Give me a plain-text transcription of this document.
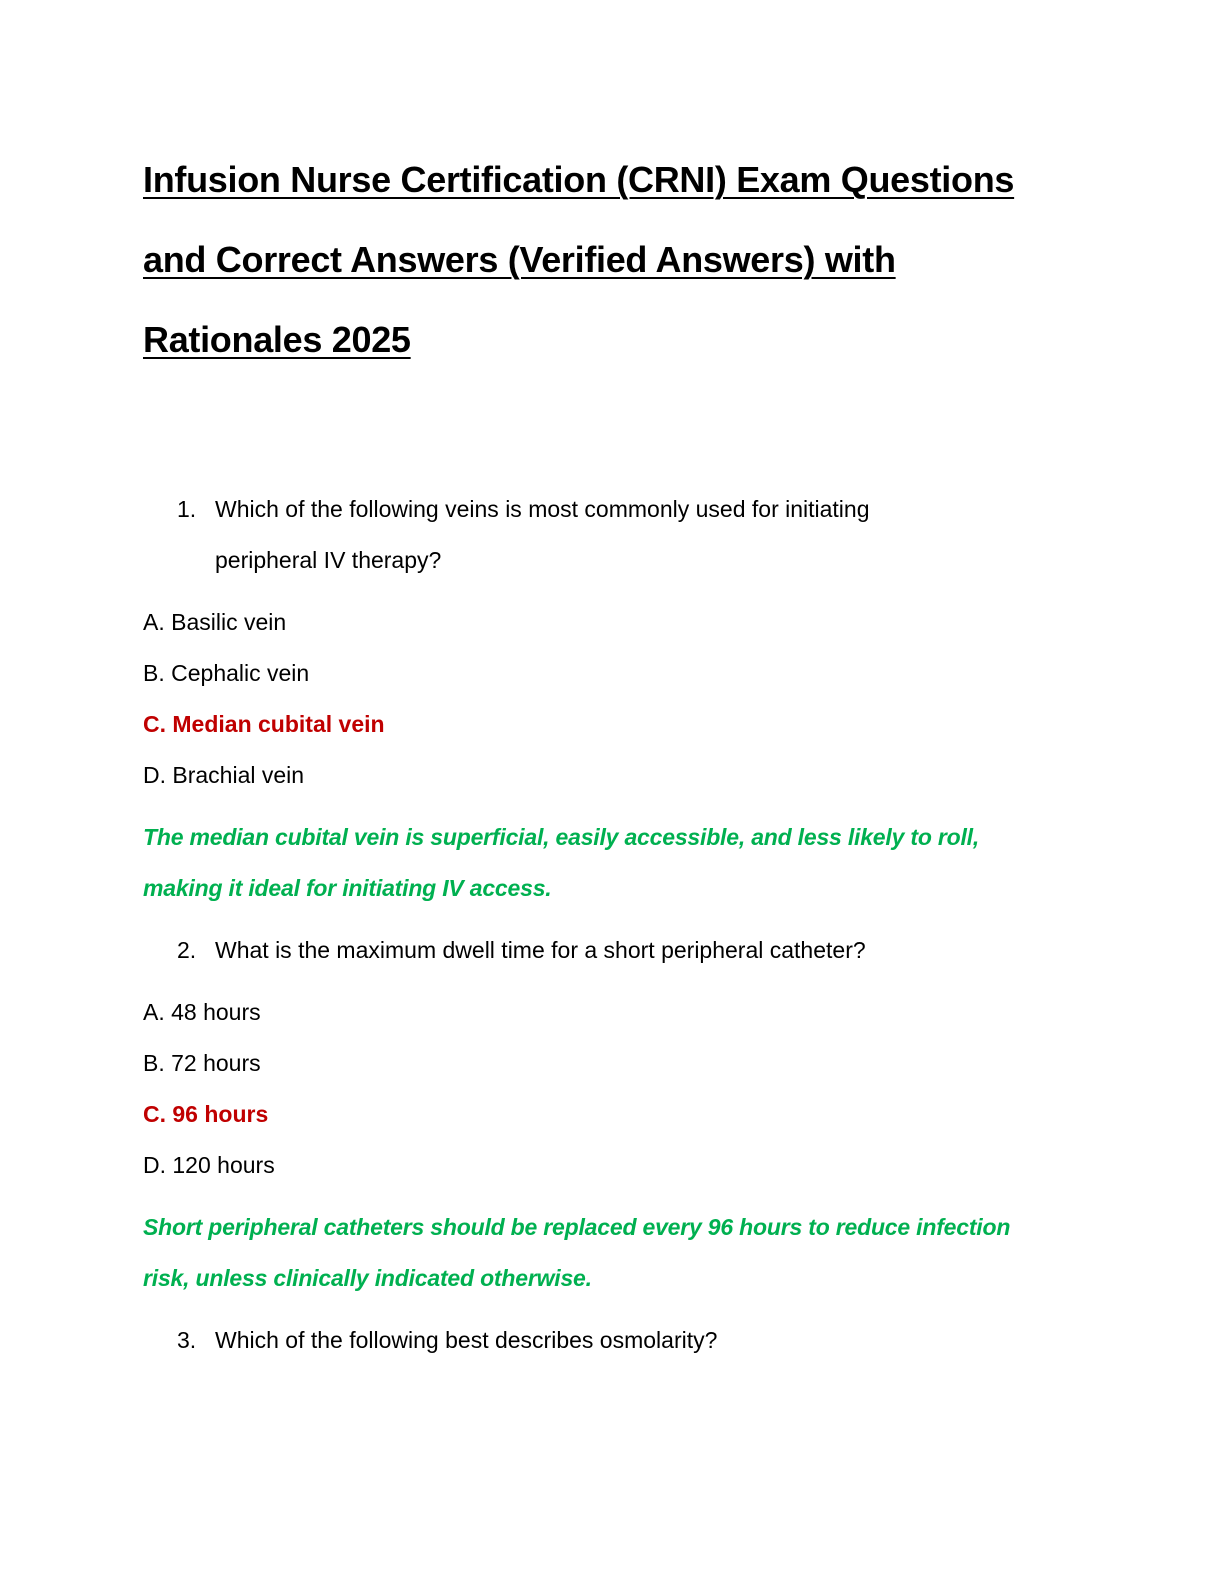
Infusion Nurse Certification (CRNI) Exam Questions
and Correct Answers (Verified Answers) with
Rationales 2025
1. Which of the following veins is most commonly used for initiating
peripheral IV therapy?

A. Basilic vein

B. Cephalic vein

C. Median cubital vein

D. Brachial vein

The median cubital vein is superficial, easily accessible, and less likely to roll,

making it ideal for initiating IV access.

2. What is the maximum dwell time for a short peripheral catheter?

A. 48 hours

B. 72 hours

C. 96 hours

D. 120 hours

Short peripheral catheters should be replaced every 96 hours to reduce infection

risk, unless clinically indicated otherwise.

3. Which of the following best describes osmolarity?
